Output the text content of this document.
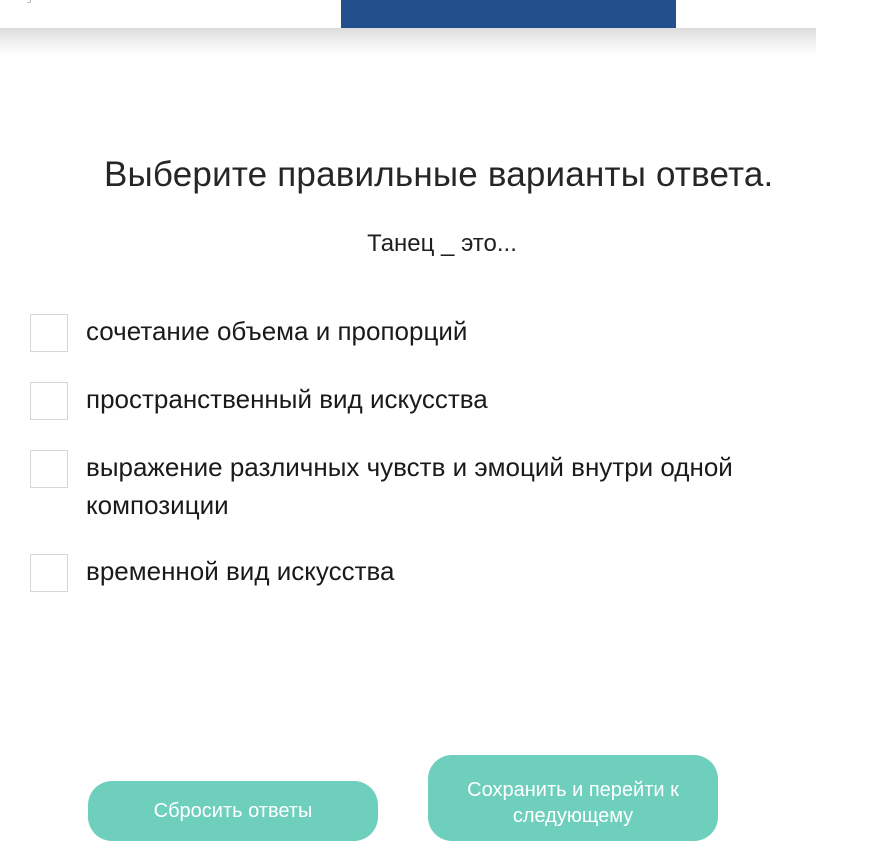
Выберите правильные варианты ответа.
Танец _ это...
сочетание объема и пропорций
пространственный вид искусства
выражение различных чувств и эмоций внутри одной композиции
временной вид искусства
Сбросить ответы
Сохранить и перейти к следующему
